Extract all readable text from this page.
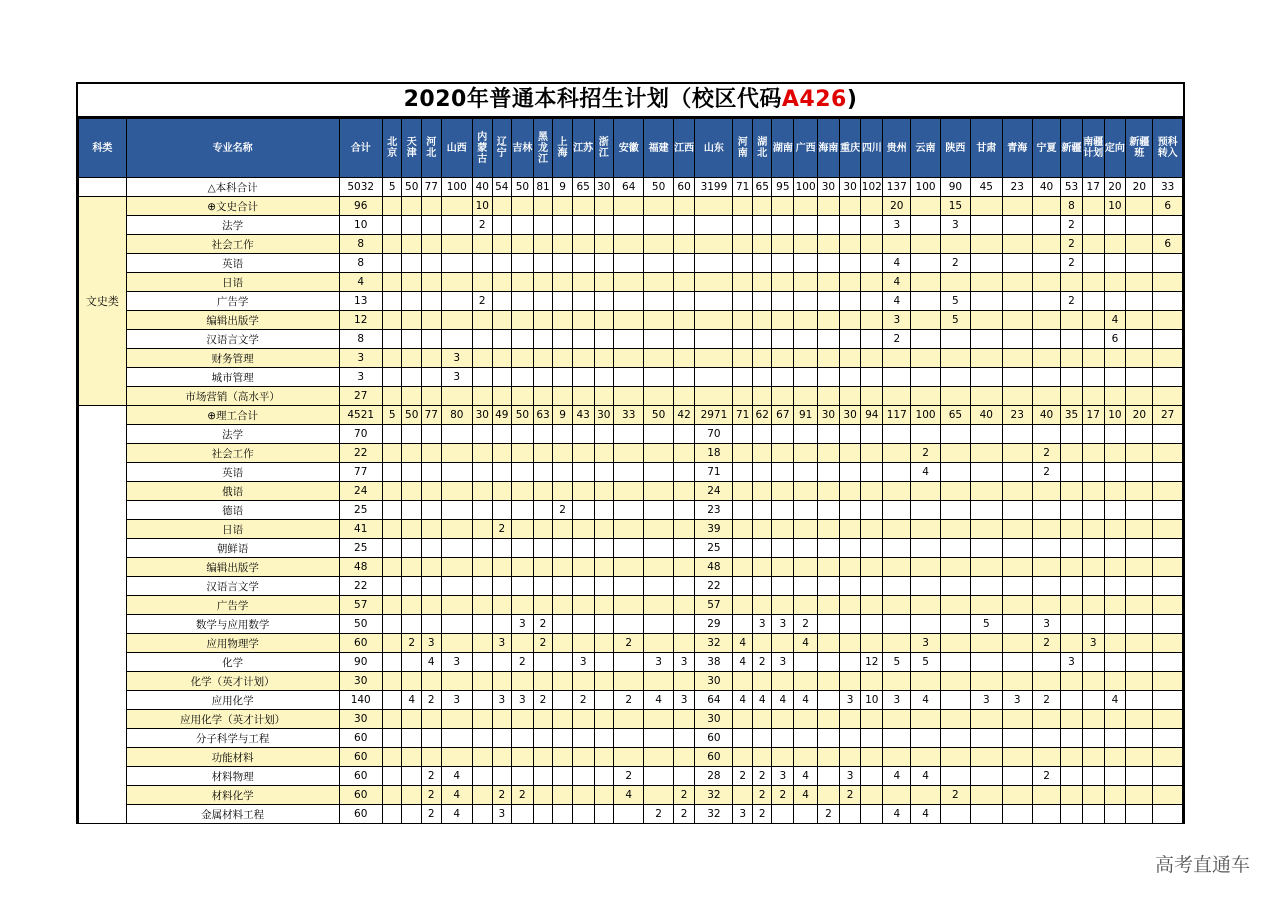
2020年普通本科招生计划（校区代码A426)
科类	专业名称	合计	北京	天津	河北	山西	内蒙古	辽宁	吉林	黑龙江	上海	江苏	浙江	安徽	福建	江西	山东	河南	湖北	湖南	广西	海南	重庆	四川	贵州	云南	陕西	甘肃	青海	宁夏	新疆	南疆计划	定向	新疆班	预科转入
	△本科合计	5032	5	50	77	100	40	54	50	81	9	65	30	64	50	60	3199	71	65	95	100	30	30	102	137	100	90	45	23	40	53	17	20	20	33
文史类	⊕文史合计	96					10																		20		15				8		10		6
	法学	10					2																		3		3				2				
	社会工作	8																													2				6
	英语	8																							4		2				2				
	日语	4																							4										
	广告学	13					2																		4		5				2				
	编辑出版学	12																							3		5						4		
	汉语言文学	8																							2								6		
	财务管理	3				3																													
	城市管理	3				3																													
	市场营销（高水平）	27																																	
	⊕理工合计	4521	5	50	77	80	30	49	50	63	9	43	30	33	50	42	2971	71	62	67	91	30	30	94	117	100	65	40	23	40	35	17	10	20	27
	法学	70															70																		
	社会工作	22															18									2				2					
	英语	77															71									4				2					
	俄语	24															24																		
	德语	25									2						23																		
	日语	41						2									39																		
	朝鲜语	25															25																		
	编辑出版学	48															48																		
	汉语言文学	22															22																		
	广告学	57															57																		
	数学与应用数学	50							3	2							29		3	3	2							5		3					
	应用物理学	60		2	3			3		2				2			32	4			4					3				2		3			
	化学	90			4	3			2			3			3	3	38	4	2	3				12	5	5					3				
	化学（英才计划）	30															30																		
	应用化学	140		4	2	3		3	3	2		2		2	4	3	64	4	4	4	4		3	10	3	4		3	3	2			4		
	应用化学（英才计划）	30															30																		
	分子科学与工程	60															60																		
	功能材料	60															60																		
	材料物理	60			2	4								2			28	2	2	3	4		3		4	4				2					
	材料化学	60			2	4		2	2					4		2	32		2	2	4		2				2								
	金属材料工程	60			2	4		3							2	2	32	3	2			2			4	4									
高考直通车
